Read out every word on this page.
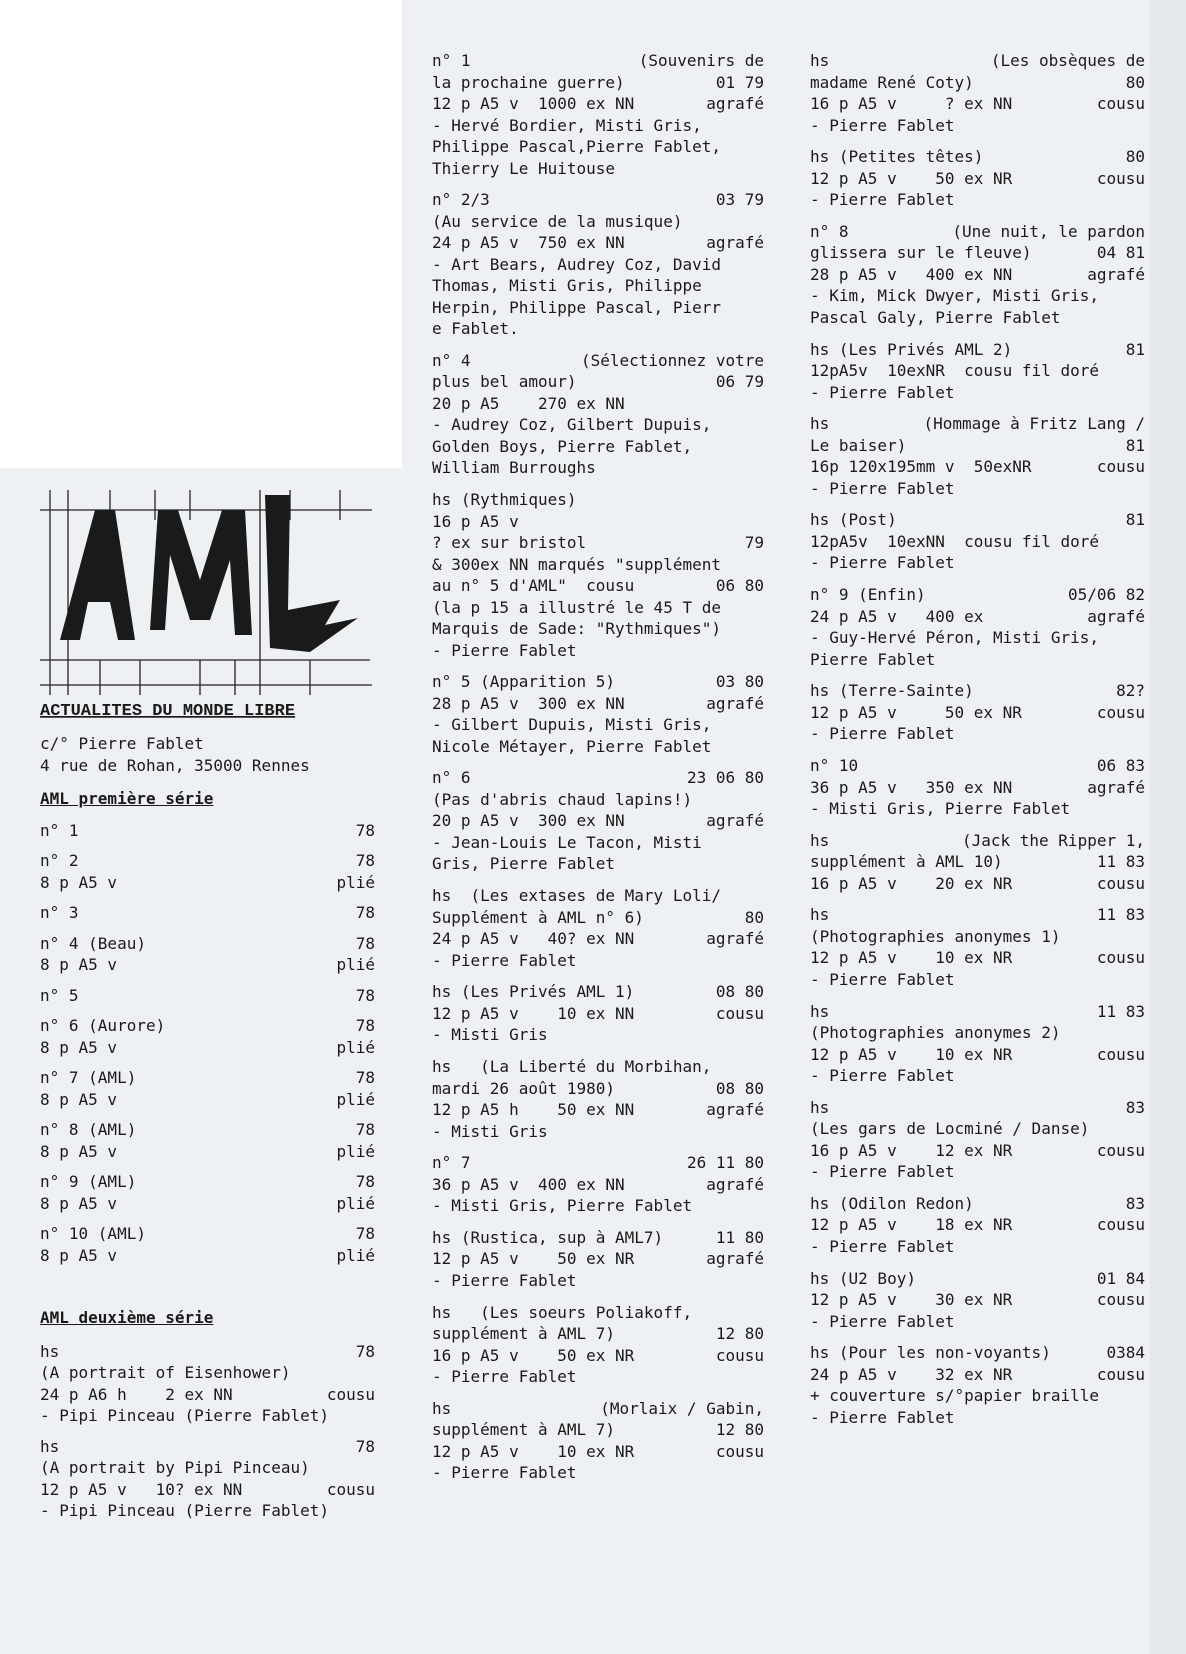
ACTUALITES DU MONDE LIBRE
c/° Pierre Fablet
4 rue de Rohan, 35000 Rennes
AML première série
n° 1	78
n° 2	78
8 p A5 v	plié
n° 3	78
n° 4 (Beau)	78
8 p A5 v	plié
n° 5	78
n° 6 (Aurore)	78
8 p A5 v	plié
n° 7 (AML)	78
8 p A5 v	plié
n° 8 (AML)	78
8 p A5 v	plié
n° 9 (AML)	78
8 p A5 v	plié
n° 10 (AML)	78
8 p A5 v	plié
AML deuxième série
hs	78
(A portrait of Eisenhower)
24 p A6 h    2 ex NN	cousu
- Pipi Pinceau (Pierre Fablet)
hs	78
(A portrait by Pipi Pinceau)
12 p A5 v   10? ex NN	cousu
- Pipi Pinceau (Pierre Fablet)
n° 1	(Souvenirs de
la prochaine guerre)	01 79
12 p A5 v  1000 ex NN	agrafé
- Hervé Bordier, Misti Gris,
Philippe Pascal,Pierre Fablet,
Thierry Le Huitouse
n° 2/3	03 79
(Au service de la musique)
24 p A5 v  750 ex NN	agrafé
- Art Bears, Audrey Coz, David
Thomas, Misti Gris, Philippe
Herpin, Philippe Pascal, Pierr
e Fablet.
n° 4	(Sélectionnez votre
plus bel amour)	06 79
20 p A5    270 ex NN
- Audrey Coz, Gilbert Dupuis,
Golden Boys, Pierre Fablet,
William Burroughs
hs (Rythmiques)
16 p A5 v
? ex sur bristol	79
& 300ex NN marqués "supplément
au n° 5 d'AML"  cousu	06 80
(la p 15 a illustré le 45 T de
Marquis de Sade: "Rythmiques")
- Pierre Fablet
n° 5 (Apparition 5)	03 80
28 p A5 v  300 ex NN	agrafé
- Gilbert Dupuis, Misti Gris,
Nicole Métayer, Pierre Fablet
n° 6	23 06 80
(Pas d'abris chaud lapins!)
20 p A5 v  300 ex NN	agrafé
- Jean-Louis Le Tacon, Misti
Gris, Pierre Fablet
hs  (Les extases de Mary Loli/
Supplément à AML n° 6)	80
24 p A5 v   40? ex NN	agrafé
- Pierre Fablet
hs (Les Privés AML 1)	08 80
12 p A5 v    10 ex NN	cousu
- Misti Gris
hs   (La Liberté du Morbihan,
mardi 26 août 1980)	08 80
12 p A5 h    50 ex NN	agrafé
- Misti Gris
n° 7	26 11 80
36 p A5 v  400 ex NN	agrafé
- Misti Gris, Pierre Fablet
hs (Rustica, sup à AML7)	11 80
12 p A5 v    50 ex NR	agrafé
- Pierre Fablet
hs   (Les soeurs Poliakoff,
supplément à AML 7)	12 80
16 p A5 v    50 ex NR	cousu
- Pierre Fablet
hs	(Morlaix / Gabin,
supplément à AML 7)	12 80
12 p A5 v    10 ex NR	cousu
- Pierre Fablet
hs	(Les obsèques de
madame René Coty)	80
16 p A5 v     ? ex NN	cousu
- Pierre Fablet
hs (Petites têtes)	80
12 p A5 v    50 ex NR	cousu
- Pierre Fablet
n° 8	(Une nuit, le pardon
glissera sur le fleuve)	04 81
28 p A5 v   400 ex NN	agrafé
- Kim, Mick Dwyer, Misti Gris,
Pascal Galy, Pierre Fablet
hs (Les Privés AML 2)	81
12pA5v  10exNR  cousu fil doré
- Pierre Fablet
hs	(Hommage à Fritz Lang /
Le baiser)	81
16p 120x195mm v  50exNR	cousu
- Pierre Fablet
hs (Post)	81
12pA5v  10exNN  cousu fil doré
- Pierre Fablet
n° 9 (Enfin)	05/06 82
24 p A5 v   400 ex	agrafé
- Guy-Hervé Péron, Misti Gris,
Pierre Fablet
hs (Terre-Sainte)	82?
12 p A5 v     50 ex NR	cousu
- Pierre Fablet
n° 10	06 83
36 p A5 v   350 ex NN	agrafé
- Misti Gris, Pierre Fablet
hs	(Jack the Ripper 1,
supplément à AML 10)	11 83
16 p A5 v    20 ex NR	cousu
hs	11 83
(Photographies anonymes 1)
12 p A5 v    10 ex NR	cousu
- Pierre Fablet
hs	11 83
(Photographies anonymes 2)
12 p A5 v    10 ex NR	cousu
- Pierre Fablet
hs	83
(Les gars de Locminé / Danse)
16 p A5 v    12 ex NR	cousu
- Pierre Fablet
hs (Odilon Redon)	83
12 p A5 v    18 ex NR	cousu
- Pierre Fablet
hs (U2 Boy)	01 84
12 p A5 v    30 ex NR	cousu
- Pierre Fablet
hs (Pour les non-voyants)	0384
24 p A5 v    32 ex NR	cousu
+ couverture s/°papier braille
- Pierre Fablet
